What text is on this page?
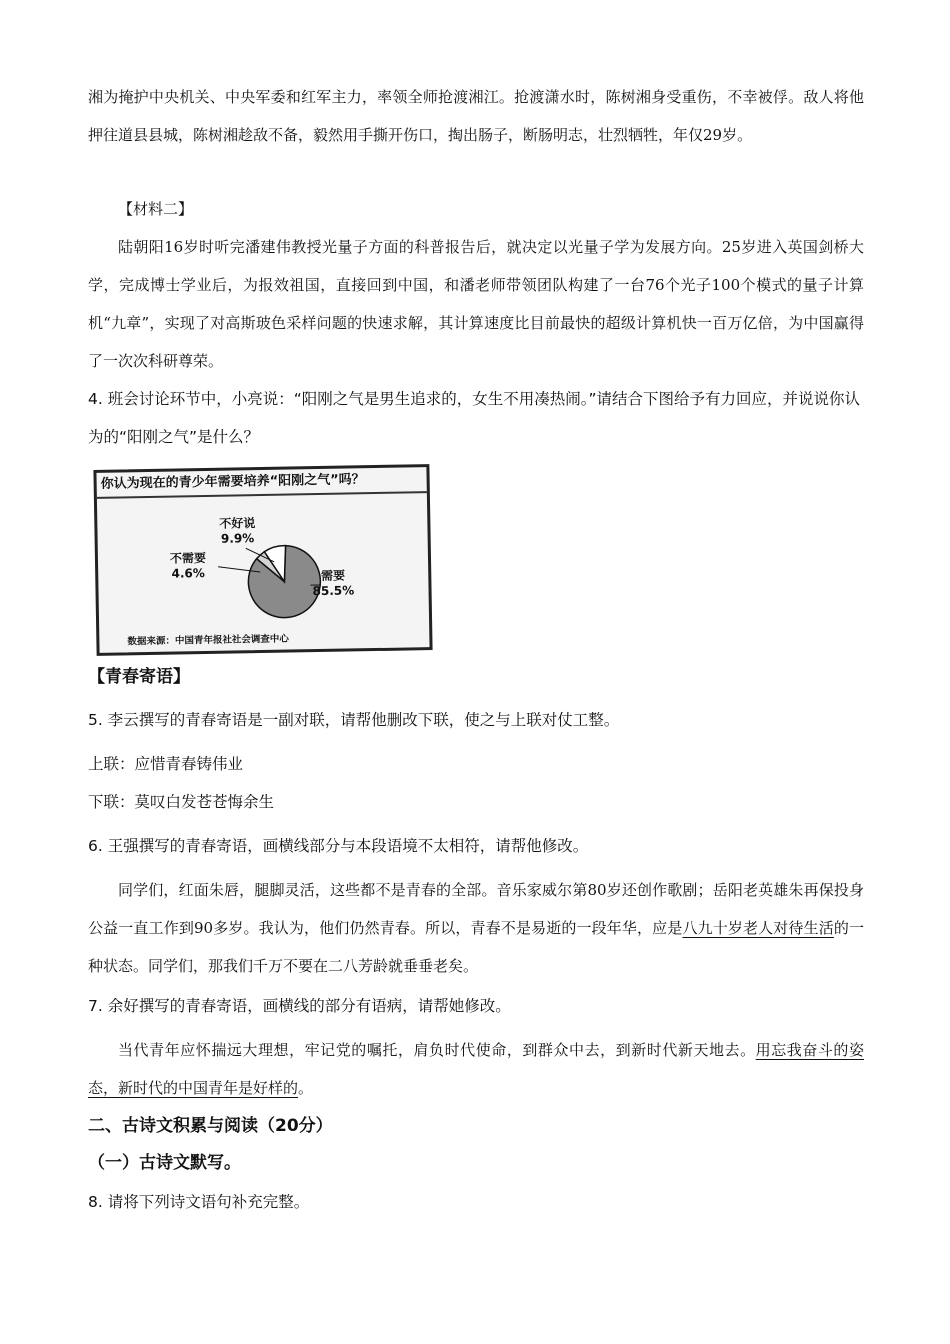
湘为掩护中央机关、中央军委和红军主力，率领全师抢渡湘江。抢渡潇水时，陈树湘身受重伤，不幸被俘。敌人将他押往道县县城，陈树湘趁敌不备，毅然用手撕开伤口，掏出肠子，断肠明志，壮烈牺牲，年仅29岁。

【材料二】

陆朝阳16岁时听完潘建伟教授光量子方面的科普报告后，就决定以光量子学为发展方向。25岁进入英国剑桥大学，完成博士学业后，为报效祖国，直接回到中国，和潘老师带领团队构建了一台76个光子100个模式的量子计算机“九章”，实现了对高斯玻色采样问题的快速求解，其计算速度比目前最快的超级计算机快一百万亿倍，为中国赢得了一次次科研尊荣。

4. 班会讨论环节中，小亮说：“阳刚之气是男生追求的，女生不用凑热闹。”请结合下图给予有力回应，并说说你认为的“阳刚之气”是什么？

你认为现在的青少年需要培养“阳刚之气”吗？
不好说
9.9%
不需要
4.6%	需要
85.5%
数据来源：中国青年报社社会调查中心

【青春寄语】

5. 李云撰写的青春寄语是一副对联，请帮他删改下联，使之与上联对仗工整。

上联：应惜青春铸伟业

下联：莫叹白发苍苍悔余生

6. 王强撰写的青春寄语，画横线部分与本段语境不太相符，请帮他修改。

同学们，红面朱唇，腿脚灵活，这些都不是青春的全部。音乐家威尔第80岁还创作歌剧；岳阳老英雄朱再保投身公益一直工作到90多岁。我认为，他们仍然青春。所以，青春不是易逝的一段年华，应是八九十岁老人对待生活的一种状态。同学们，那我们千万不要在二八芳龄就垂垂老矣。

7. 余好撰写的青春寄语，画横线的部分有语病，请帮她修改。

当代青年应怀揣远大理想，牢记党的嘱托，肩负时代使命，到群众中去，到新时代新天地去。用忘我奋斗的姿态，新时代的中国青年是好样的。

二、古诗文积累与阅读（20分）

（一）古诗文默写。

8. 请将下列诗文语句补充完整。
